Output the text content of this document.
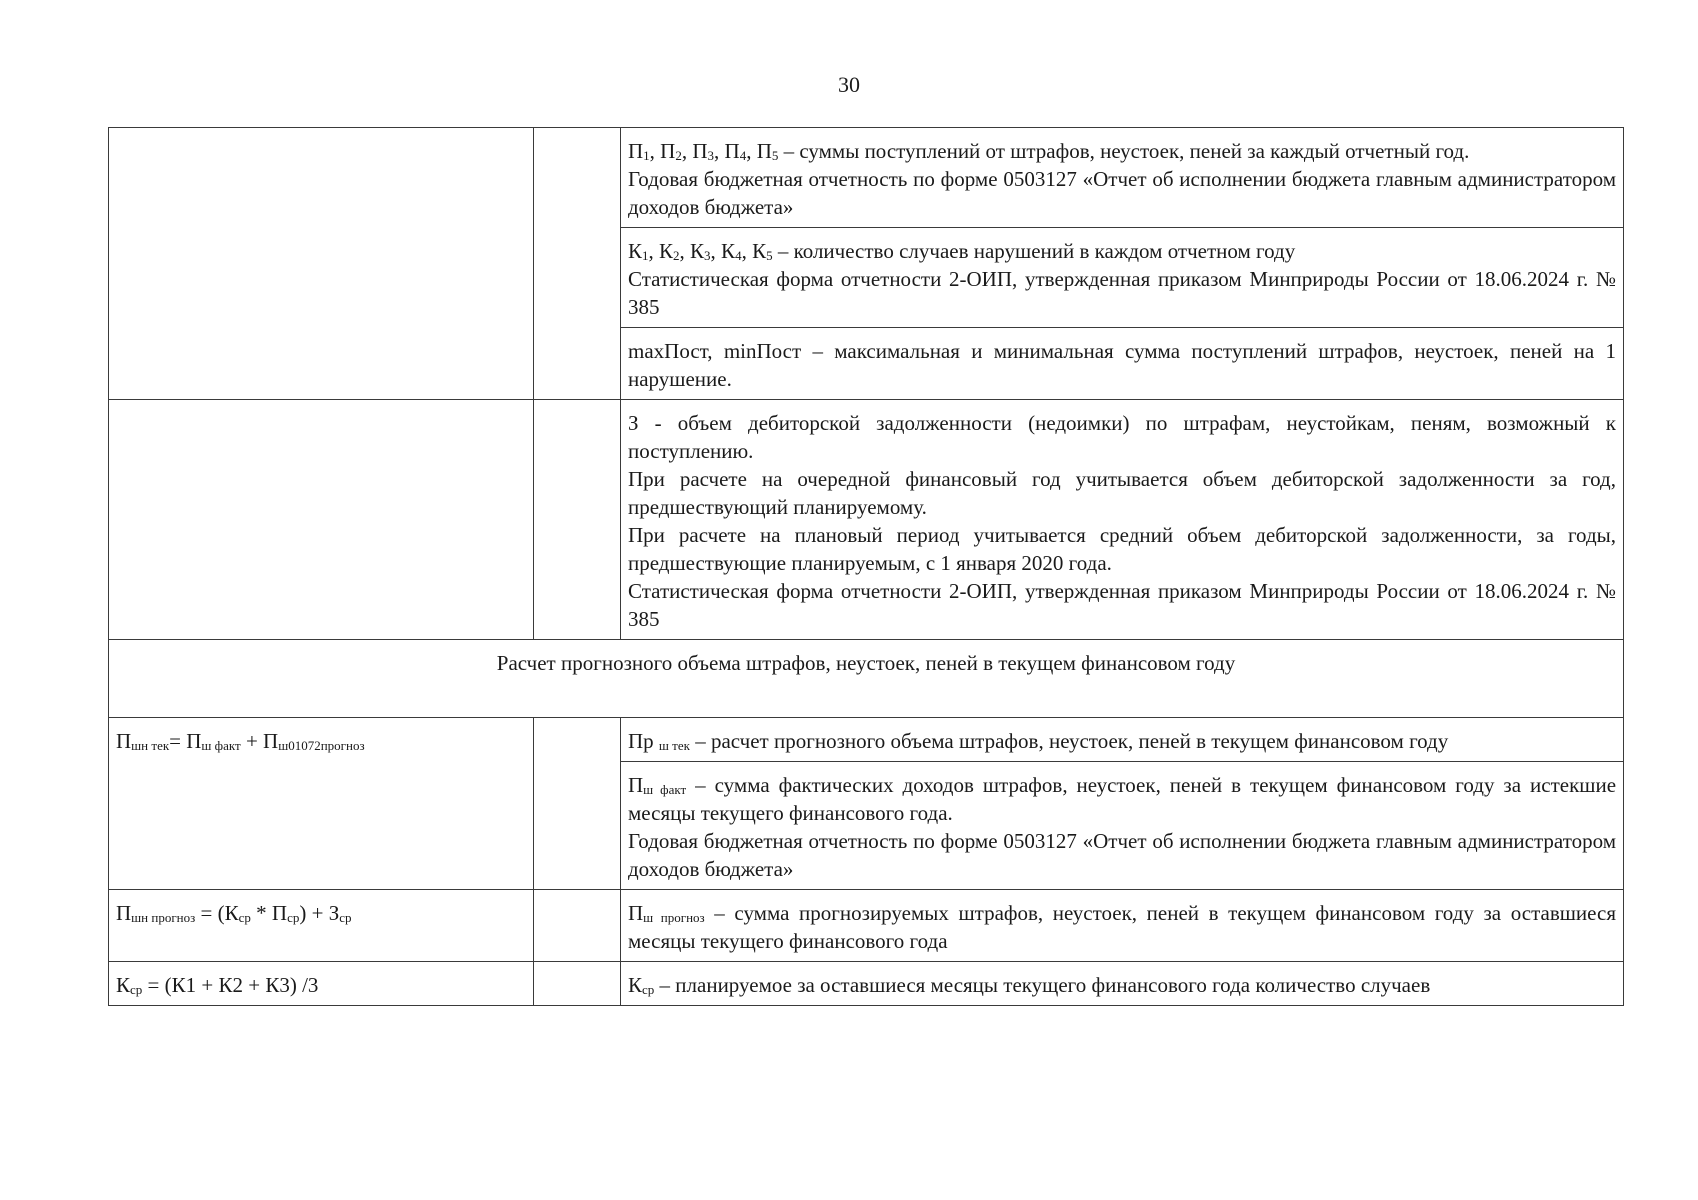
30

		П1, П2, П3, П4, П5 – суммы поступлений от штрафов, неустоек, пеней за каждый отчетный год.
Годовая бюджетная отчетность по форме 0503127 «Отчет об исполнении бюджета главным администратором доходов бюджета»

		К1, К2, К3, К4, К5 – количество случаев нарушений в каждом отчетном году
Статистическая форма отчетности 2-ОИП, утвержденная приказом Минприроды России от 18.06.2024 г. № 385

		maxПост, minПост – максимальная и минимальная сумма поступлений штрафов, неустоек, пеней на 1 нарушение.

		З - объем дебиторской задолженности (недоимки) по штрафам, неустойкам, пеням, возможный к поступлению.
При расчете на очередной финансовый год учитывается объем дебиторской задолженности за год, предшествующий планируемому.
При расчете на плановый период учитывается средний объем дебиторской задолженности, за годы, предшествующие планируемым, с 1 января 2020 года.
Статистическая форма отчетности 2-ОИП, утвержденная приказом Минприроды России от 18.06.2024 г. № 385

Расчет прогнозного объема штрафов, неустоек, пеней в текущем финансовом году		
Пшн тек= Пш факт + Пш01072прогноз		Пр ш тек – расчет прогнозного объема штрафов, неустоек, пеней в текущем финансовом году

		Пш факт – сумма фактических доходов штрафов, неустоек, пеней в текущем финансовом году за истекшие месяцы текущего финансового года.
Годовая бюджетная отчетность по форме 0503127 «Отчет об исполнении бюджета главным администратором доходов бюджета»

Пшн прогноз = (Кср * Пср) + Зср		Пш прогноз – сумма прогнозируемых штрафов, неустоек, пеней в текущем финансовом году за оставшиеся месяцы текущего финансового года
Кср = (К1 + К2 + К3) /3		Кср – планируемое за оставшиеся месяцы текущего финансового года количество случаев
